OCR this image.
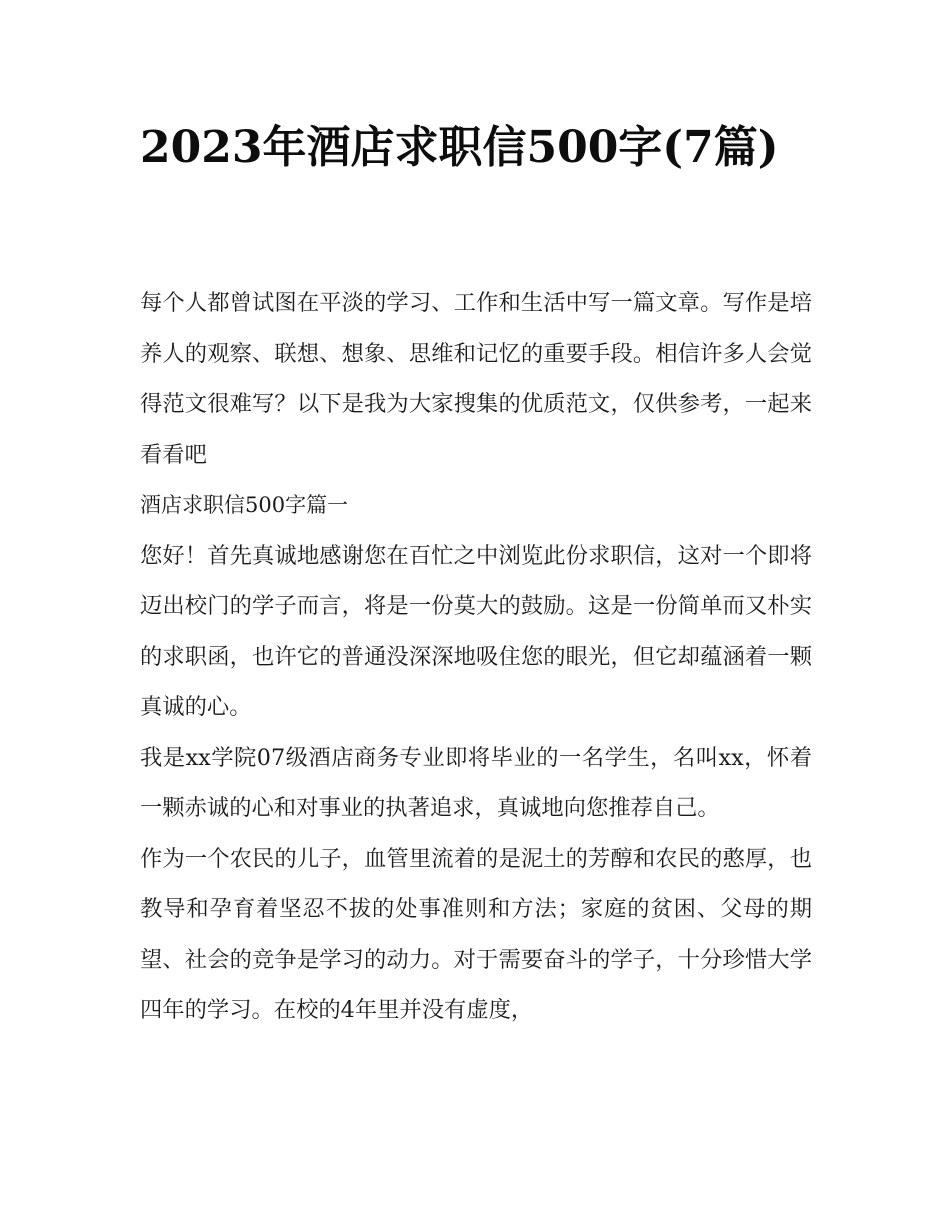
2023年酒店求职信500字(7篇)

每个人都曾试图在平淡的学习、工作和生活中写一篇文章。写作是培养人的观察、联想、想象、思维和记忆的重要手段。相信许多人会觉得范文很难写？以下是我为大家搜集的优质范文，仅供参考，一起来看看吧

酒店求职信500字篇一

您好！首先真诚地感谢您在百忙之中浏览此份求职信，这对一个即将迈出校门的学子而言，将是一份莫大的鼓励。这是一份简单而又朴实的求职函，也许它的普通没深深地吸住您的眼光，但它却蕴涵着一颗真诚的心。

我是xx学院07级酒店商务专业即将毕业的一名学生，名叫xx，怀着一颗赤诚的心和对事业的执著追求，真诚地向您推荐自己。

作为一个农民的儿子，血管里流着的是泥土的芳醇和农民的憨厚，也教导和孕育着坚忍不拔的处事准则和方法；家庭的贫困、父母的期望、社会的竞争是学习的动力。对于需要奋斗的学子，十分珍惜大学四年的学习。在校的4年里并没有虚度，
